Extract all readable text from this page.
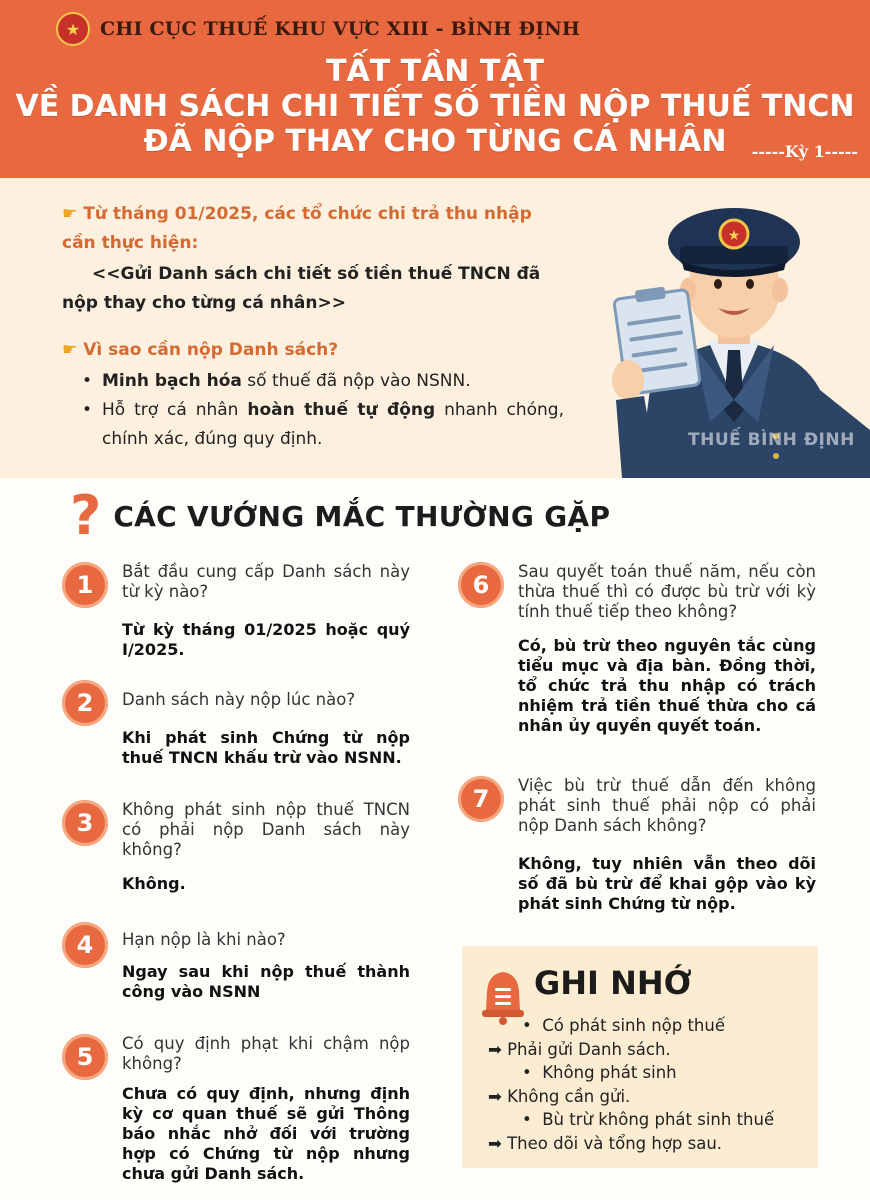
★	CHI CỤC THUẾ KHU VỰC XIII - BÌNH ĐỊNH
TẤT TẦN TẬT
VỀ DANH SÁCH CHI TIẾT SỐ TIỀN NỘP THUẾ TNCN
ĐÃ NỘP THAY CHO TỪNG CÁ NHÂN	-----Kỳ 1-----
☛ Từ tháng 01/2025, các tổ chức chi trả thu nhập cần thực hiện:
<<Gửi Danh sách chi tiết số tiền thuế TNCN đã nộp thay cho từng cá nhân>>
☛ Vì sao cần nộp Danh sách?
• Minh bạch hóa số thuế đã nộp vào NSNN.
• Hỗ trợ cá nhân hoàn thuế tự động nhanh chóng, chính xác, đúng quy định.
★
THUẾ BÌNH ĐỊNH
? CÁC VƯỚNG MẮC THƯỜNG GẶP
1	Bắt đầu cung cấp Danh sách này từ kỳ nào?
Từ kỳ tháng 01/2025 hoặc quý I/2025.
2	Danh sách này nộp lúc nào?
Khi phát sinh Chứng từ nộp thuế TNCN khấu trừ vào NSNN.
3	Không phát sinh nộp thuế TNCN có phải nộp Danh sách này không?
Không.
4	Hạn nộp là khi nào?
Ngay sau khi nộp thuế thành công vào NSNN
5	Có quy định phạt khi chậm nộp không?
Chưa có quy định, nhưng định kỳ cơ quan thuế sẽ gửi Thông báo nhắc nhở đối với trường hợp có Chứng từ nộp nhưng chưa gửi Danh sách.
6	Sau quyết toán thuế năm, nếu còn thừa thuế thì có được bù trừ với kỳ tính thuế tiếp theo không?
Có, bù trừ theo nguyên tắc cùng tiểu mục và địa bàn. Đồng thời, tổ chức trả thu nhập có trách nhiệm trả tiền thuế thừa cho cá nhân ủy quyền quyết toán.
7	Việc bù trừ thuế dẫn đến không phát sinh thuế phải nộp có phải nộp Danh sách không?
Không, tuy nhiên vẫn theo dõi số đã bù trừ để khai gộp vào kỳ phát sinh Chứng từ nộp.
GHI NHỚ
•  Có phát sinh nộp thuế
➡ Phải gửi Danh sách.
•  Không phát sinh
➡ Không cần gửi.
•  Bù trừ không phát sinh thuế
➡ Theo dõi và tổng hợp sau.
